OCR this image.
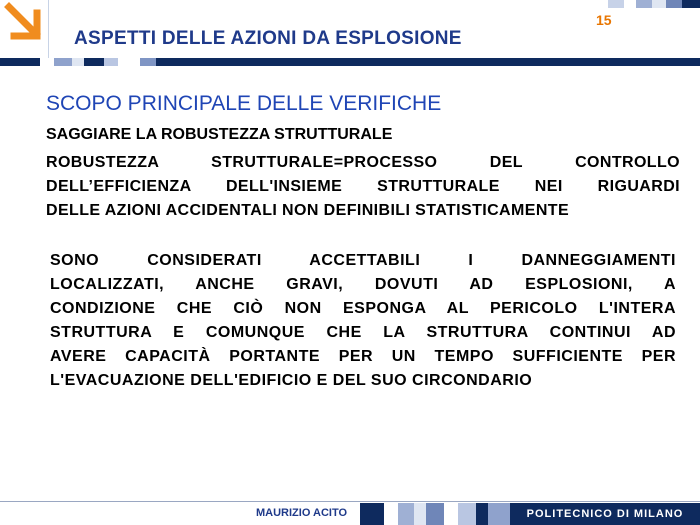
15
ASPETTI DELLE AZIONI DA ESPLOSIONE
SCOPO PRINCIPALE DELLE VERIFICHE
SAGGIARE LA ROBUSTEZZA STRUTTURALE
ROBUSTEZZA STRUTTURALE=PROCESSO DEL CONTROLLO
DELL’EFFICIENZA DELL'INSIEME STRUTTURALE NEI RIGUARDI
DELLE AZIONI ACCIDENTALI NON DEFINIBILI STATISTICAMENTE
SONO CONSIDERATI ACCETTABILI I DANNEGGIAMENTI
LOCALIZZATI, ANCHE GRAVI, DOVUTI AD ESPLOSIONI, A
CONDIZIONE CHE CIÒ NON ESPONGA AL PERICOLO L'INTERA
STRUTTURA E COMUNQUE CHE LA STRUTTURA CONTINUI AD
AVERE CAPACITÀ PORTANTE PER UN TEMPO SUFFICIENTE PER
L'EVACUAZIONE DELL'EDIFICIO E DEL SUO CIRCONDARIO
MAURIZIO ACITO	POLITECNICO DI MILANO
